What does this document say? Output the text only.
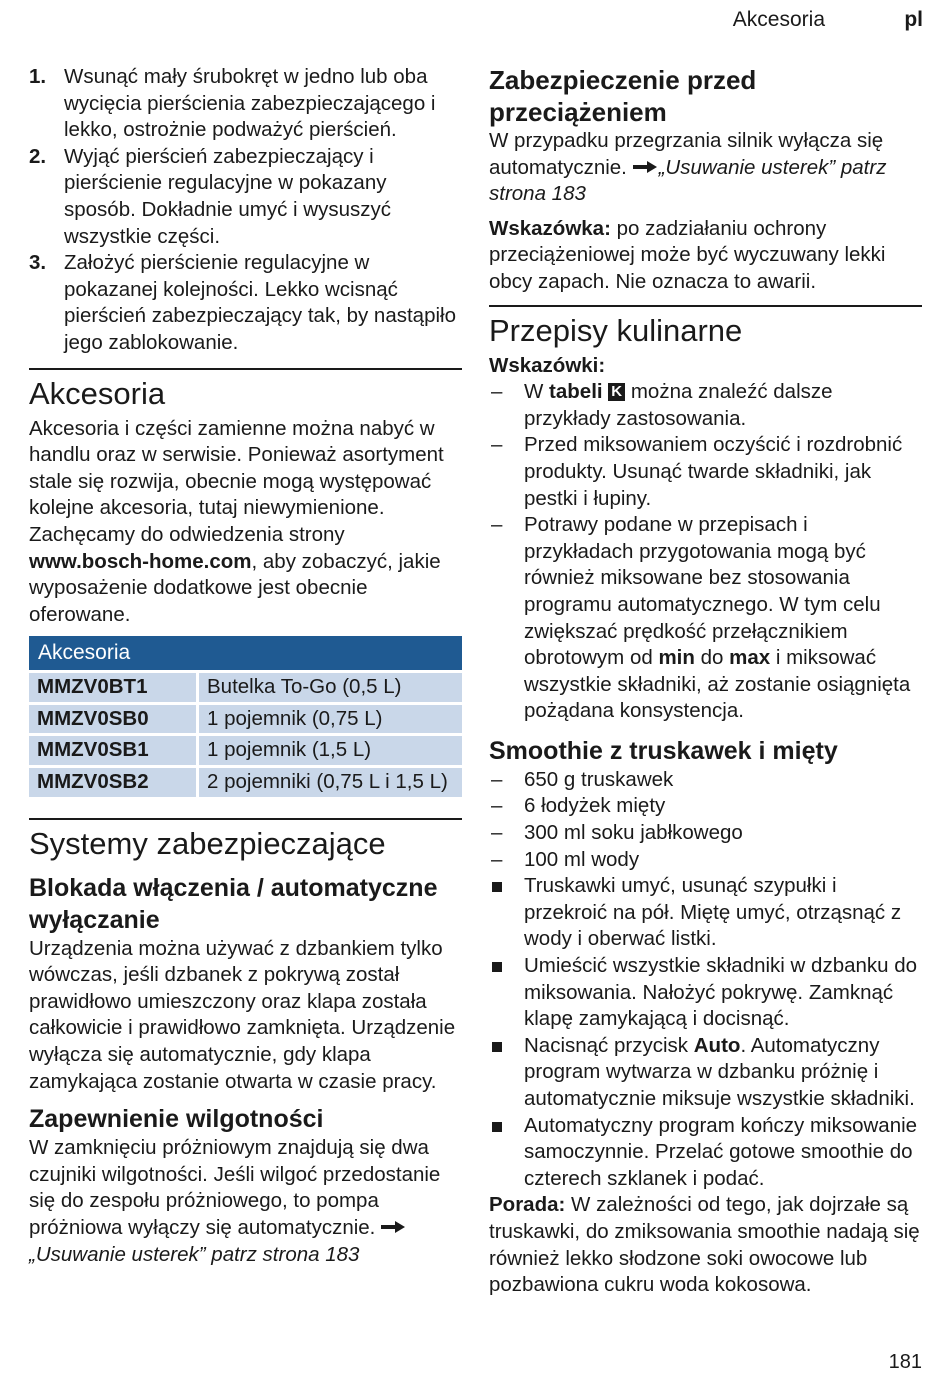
Akcesoria	pl
1. Wsunąć mały śrubokręt w jedno lub oba wycięcia pierścienia zabezpieczającego i lekko, ostrożnie podważyć pierścień.
2. Wyjąć pierścień zabezpieczający i pierścienie regulacyjne w pokazany sposób. Dokładnie umyć i wysuszyć wszystkie części.
3. Założyć pierścienie regulacyjne w pokazanej kolejności. Lekko wcisnąć pierścień zabezpieczający tak, by nastąpiło jego zablokowanie.
Akcesoria

Akcesoria i części zamienne można nabyć w handlu oraz w serwisie. Ponieważ asortyment stale się rozwija, obecnie mogą występować kolejne akcesoria, tutaj niewymienione. Zachęcamy do odwiedzenia strony www.bosch-home.com, aby zobaczyć, jakie wyposażenie dodatkowe jest obecnie oferowane.

Akcesoria	
MMZV0BT1	Butelka To-Go (0,5 L)
MMZV0SB0	1 pojemnik (0,75 L)
MMZV0SB1	1 pojemnik (1,5 L)
MMZV0SB2	2 pojemniki (0,75 L i 1,5 L)
Systemy zabezpieczające
Blokada włączenia / automatyczne wyłączanie

Urządzenia można używać z dzbankiem tylko wówczas, jeśli dzbanek z pokrywą został prawidłowo umieszczony oraz klapa została całkowicie i prawidłowo zamknięta. Urządzenie wyłącza się automatycznie, gdy klapa zamykająca zostanie otwarta w czasie pracy.

Zapewnienie wilgotności

W zamknięciu próżniowym znajdują się dwa czujniki wilgotności. Jeśli wilgoć przedostanie się do zespołu próżniowego, to pompa próżniowa wyłączy się automatycznie. „Usuwanie usterek” patrz strona 183

Zabezpieczenie przed przeciążeniem

W przypadku przegrzania silnik wyłącza się automatycznie. „Usuwanie usterek” patrz strona 183

Wskazówka: po zadziałaniu ochrony przeciążeniowej może być wyczuwany lekki obcy zapach. Nie oznacza to awarii.

Przepisy kulinarne

Wskazówki:

– W tabeli K można znaleźć dalsze przykłady zastosowania.
– Przed miksowaniem oczyścić i rozdrobnić produkty. Usunąć twarde składniki, jak pestki i łupiny.
– Potrawy podane w przepisach i przykładach przygotowania mogą być również miksowane bez stosowania programu automatycznego. W tym celu zwiększać prędkość przełącznikiem obrotowym od min do max i miksować wszystkie składniki, aż zostanie osiągnięta pożądana konsystencja.
Smoothie z truskawek i mięty
– 650 g truskawek
– 6 łodyżek mięty
– 300 ml soku jabłkowego
– 100 ml wody
Truskawki umyć, usunąć szypułki i przekroić na pół. Miętę umyć, otrząsnąć z wody i oberwać listki.
Umieścić wszystkie składniki w dzbanku do miksowania. Nałożyć pokrywę. Zamknąć klapę zamykającą i docisnąć.
Nacisnąć przycisk Auto. Automatyczny program wytwarza w dzbanku próżnię i automatycznie miksuje wszystkie składniki.
Automatyczny program kończy miksowanie samoczynnie. Przelać gotowe smoothie do czterech szklanek i podać.

Porada: W zależności od tego, jak dojrzałe są truskawki, do zmiksowania smoothie nadają się również lekko słodzone soki owocowe lub pozbawiona cukru woda kokosowa.

181
